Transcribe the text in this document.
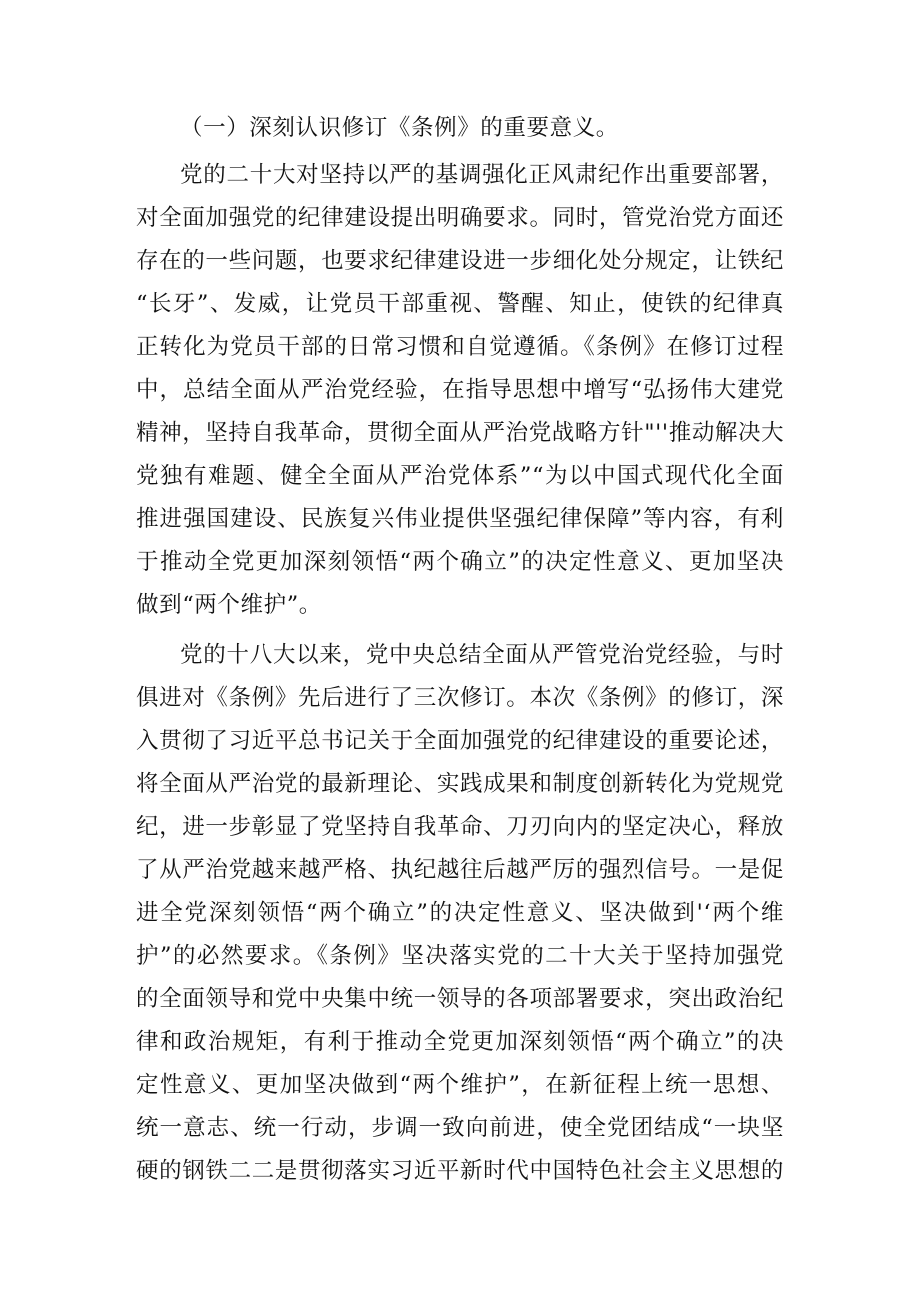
（一）深刻认识修订《条例》的重要意义。
党的二十大对坚持以严的基调强化正风肃纪作出重要部署，
对全面加强党的纪律建设提出明确要求。同时，管党治党方面还
存在的一些问题，也要求纪律建设进一步细化处分规定，让铁纪
“长牙”、发威，让党员干部重视、警醒、知止，使铁的纪律真
正转化为党员干部的日常习惯和自觉遵循。《条例》在修订过程
中，总结全面从严治党经验，在指导思想中增写“弘扬伟大建党
精神，坚持自我革命，贯彻全面从严治党战略方针"''推动解决大
党独有难题、健全全面从严治党体系”“为以中国式现代化全面
推进强国建设、民族复兴伟业提供坚强纪律保障”等内容，有利
于推动全党更加深刻领悟“两个确立”的决定性意义、更加坚决
做到“两个维护”。
党的十八大以来，党中央总结全面从严管党治党经验，与时
俱进对《条例》先后进行了三次修订。本次《条例》的修订，深
入贯彻了习近平总书记关于全面加强党的纪律建设的重要论述，
将全面从严治党的最新理论、实践成果和制度创新转化为党规党
纪，进一步彰显了党坚持自我革命、刀刃向内的坚定决心，释放
了从严治党越来越严格、执纪越往后越严厉的强烈信号。一是促
进全党深刻领悟“两个确立”的决定性意义、坚决做到'‘两个维
护”的必然要求。《条例》坚决落实党的二十大关于坚持加强党
的全面领导和党中央集中统一领导的各项部署要求，突出政治纪
律和政治规矩，有利于推动全党更加深刻领悟“两个确立”的决
定性意义、更加坚决做到“两个维护”，在新征程上统一思想、
统一意志、统一行动，步调一致向前进，使全党团结成“一块坚
硬的钢铁二二是贯彻落实习近平新时代中国特色社会主义思想的
